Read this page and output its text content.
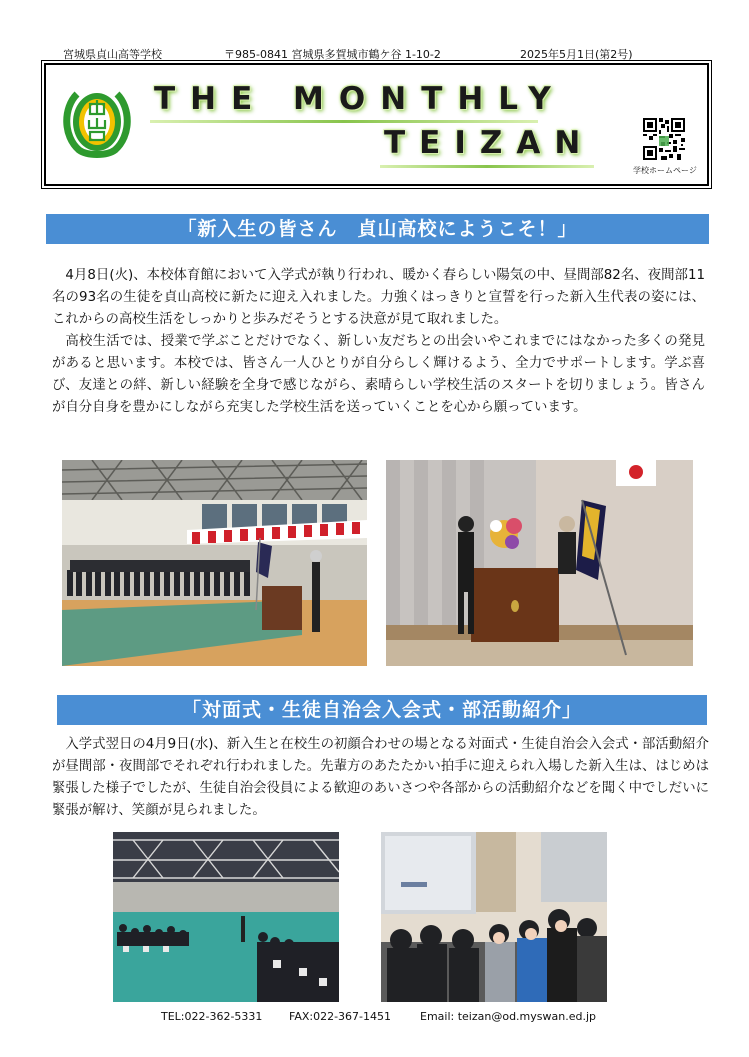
宮城県貞山高等学校	〒985-0841 宮城県多賀城市鶴ケ谷 1-10-2	2025年5月1日(第2号)
THE MONTHLY
TEIZAN
学校ホームページ
「新入生の皆さん　貞山高校にようこそ！」

4月8日(火)、本校体育館において入学式が執り行われ、暖かく春らしい陽気の中、昼間部82名、夜間部11名の93名の生徒を貞山高校に新たに迎え入れました。力強くはっきりと宣誓を行った新入生代表の姿には、これからの高校生活をしっかりと歩みだそうとする決意が見て取れました。

高校生活では、授業で学ぶことだけでなく、新しい友だちとの出会いやこれまでにはなかった多くの発見があると思います。本校では、皆さん一人ひとりが自分らしく輝けるよう、全力でサポートします。学ぶ喜び、友達との絆、新しい経験を全身で感じながら、素晴らしい学校生活のスタートを切りましょう。皆さんが自分自身を豊かにしながら充実した学校生活を送っていくことを心から願っています。

「対面式・生徒自治会入会式・部活動紹介」

入学式翌日の4月9日(水)、新入生と在校生の初顔合わせの場となる対面式・生徒自治会入会式・部活動紹介が昼間部・夜間部でそれぞれ行われました。先輩方のあたたかい拍手に迎えられ入場した新入生は、はじめは緊張した様子でしたが、生徒自治会役員による歓迎のあいさつや各部からの活動紹介などを聞く中でしだいに緊張が解け、笑顔が見られました。

TEL:022-362-5331 FAX:022-367-1451	Email: teizan@od.myswan.ed.jp
